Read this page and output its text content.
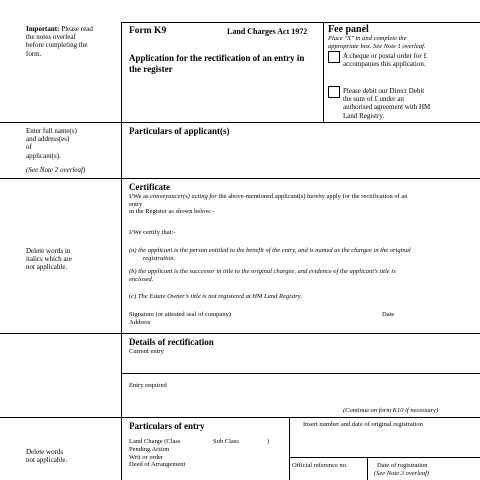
Important: Please read
the notes overleaf
before completing the
form.
Enter full name(s)
and address(es)
of
applicant(s).
(See Note 2 overleaf)
Delete words in
italics which are
not applicable.
Delete words
not applicable.
Form K9	Land Charges Act 1972
Application for the rectification of an entry in
the register
Fee panel
Place "X" in and complete the
appropriate box. See Note 1 overleaf.
A cheque or postal order for £
accompanies this application.
Please debit our Direct Debit
the sum of £ under an
authorised agreement with HM
Land Registry.
Particulars of applicant(s)
Certificate
I/We as conveyancer(s) acting for the above-mentioned applicant(s) hereby apply for the rectification of an
entry
in the Register as shown below:-
I/We certify that:-
(a) the applicant is the person entitled to the benefit of the entry, and is named as the chargee in the original
registration.
(b) the applicant is the successor in title to the original chargee, and evidence of the applicant’s title is
enclosed.
(c) The Estate Owner’s title is not registered at HM Land Registry.
Signature (or attested seal of company)	Date
Address
Details of rectification
Current entry
Entry required
(Continue on form K10 if necessary)
Particulars of entry
Land Charge (Class	Sub Class	)
Pending Action
Writ or order
Deed of Arrangement
Insert number and date of original registration
Official reference no.	Date of registration
(See Note 3 overleaf)
